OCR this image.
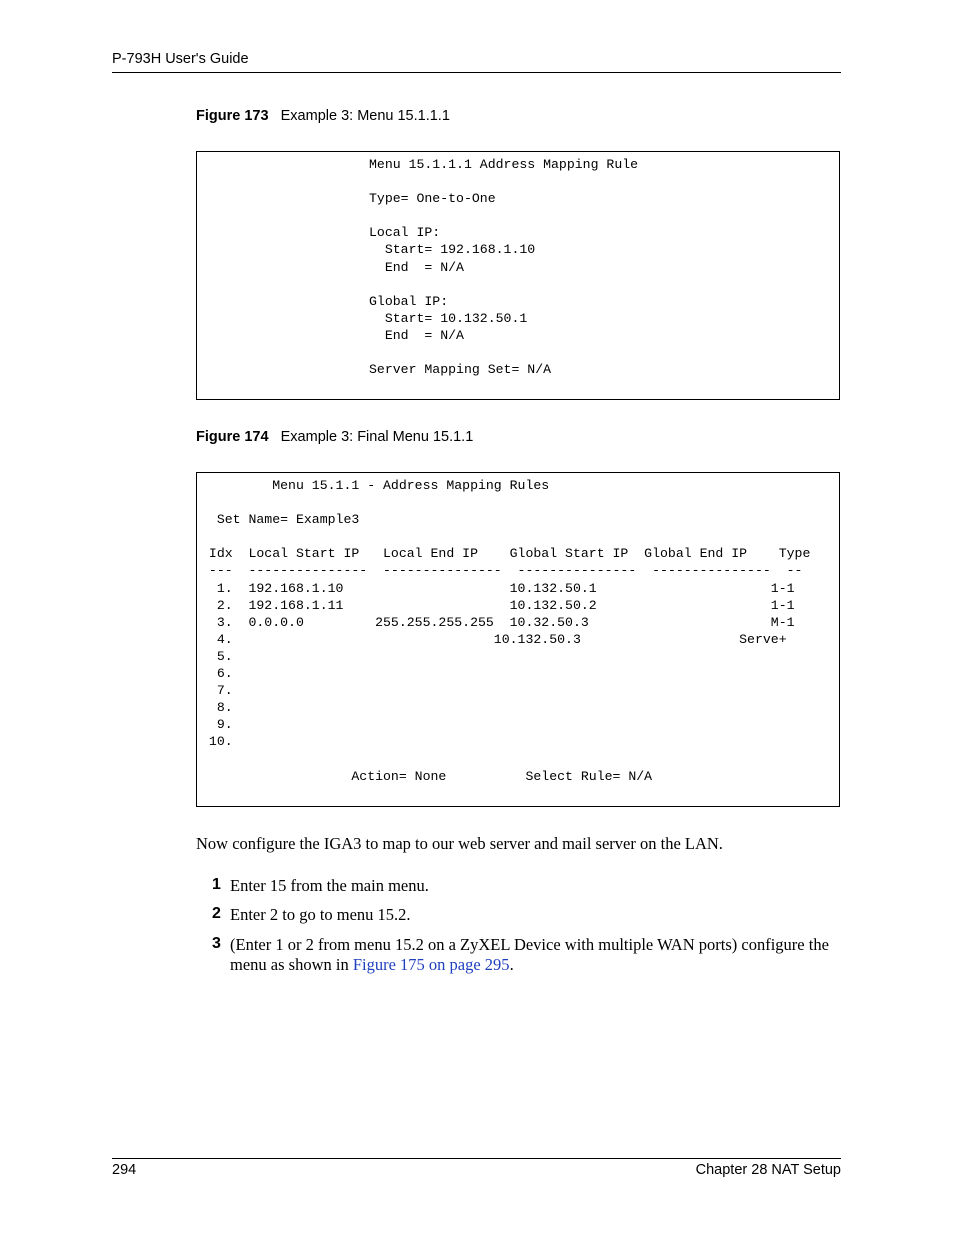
P-793H User's Guide
Figure 173 Example 3: Menu 15.1.1.1
Menu 15.1.1.1 Address Mapping Rule

Type= One-to-One

Local IP:
Start= 192.168.1.10
End  = N/A

Global IP:
Start= 10.132.50.1
End  = N/A

Server Mapping Set= N/A
Figure 174 Example 3: Final Menu 15.1.1
Menu 15.1.1 - Address Mapping Rules

Set Name= Example3

Idx  Local Start IP   Local End IP    Global Start IP  Global End IP    Type
---  ---------------  ---------------  ---------------  ---------------  --
1.  192.168.1.10                     10.132.50.1                      1-1
2.  192.168.1.11                     10.132.50.2                      1-1
3.  0.0.0.0         255.255.255.255  10.32.50.3                       M-1
4.                                 10.132.50.3                    Serve+
5.
6.
7.
8.
9.
10.

Action= None          Select Rule= N/A
Now configure the IGA3 to map to our web server and mail server on the LAN.
1 Enter 15 from the main menu.
2 Enter 2 to go to menu 15.2.
3 (Enter 1 or 2 from menu 15.2 on a ZyXEL Device with multiple WAN ports) configure the menu as shown in Figure 175 on page 295.
294	Chapter 28 NAT Setup
